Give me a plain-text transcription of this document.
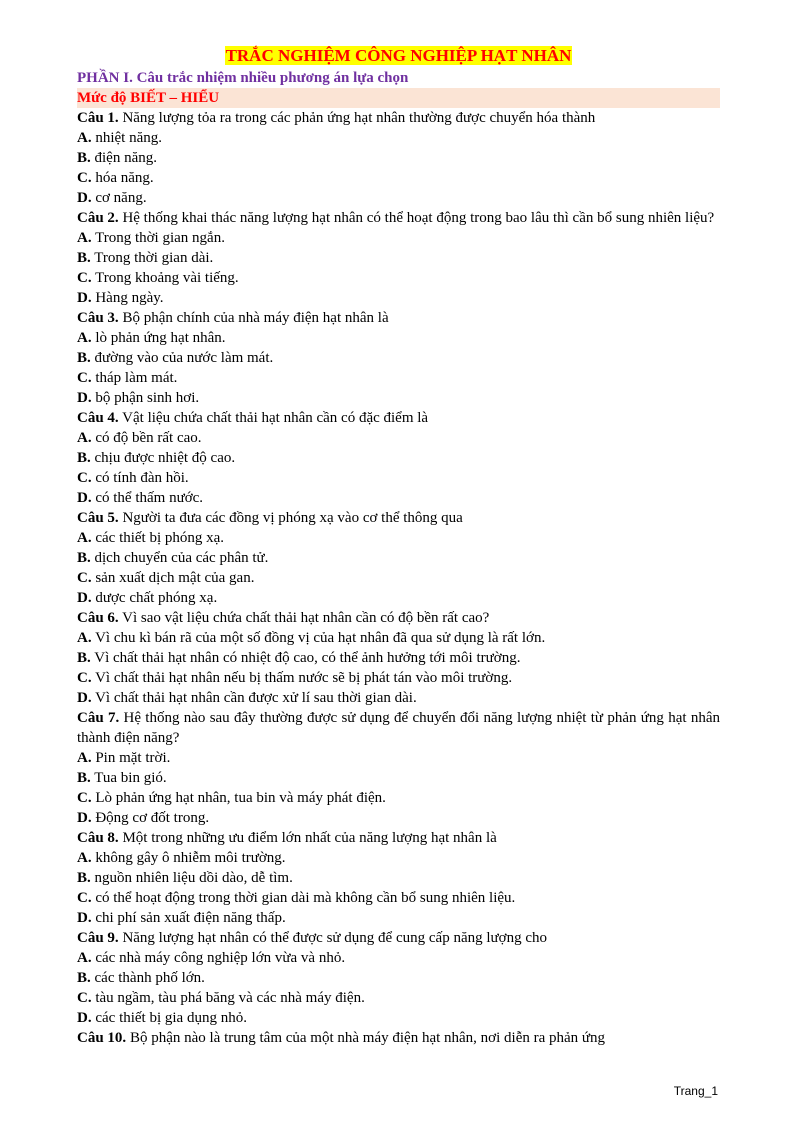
TRẮC NGHIỆM CÔNG NGHIỆP HẠT NHÂN
PHẦN I. Câu trắc nhiệm nhiều phương án lựa chọn
Mức độ BIẾT – HIỂU
Câu 1. Năng lượng tỏa ra trong các phản ứng hạt nhân thường được chuyển hóa thành
A. nhiệt năng.
B. điện năng.
C. hóa năng.
D. cơ năng.
Câu 2. Hệ thống khai thác năng lượng hạt nhân có thể hoạt động trong bao lâu thì cần bổ sung nhiên liệu?
A. Trong thời gian ngắn.
B. Trong thời gian dài.
C. Trong khoảng vài tiếng.
D. Hàng ngày.
Câu 3. Bộ phận chính của nhà máy điện hạt nhân là
A. lò phản ứng hạt nhân.
B. đường vào của nước làm mát.
C. tháp làm mát.
D. bộ phận sinh hơi.
Câu 4. Vật liệu chứa chất thải hạt nhân cần có đặc điểm là
A. có độ bền rất cao.
B. chịu được nhiệt độ cao.
C. có tính đàn hồi.
D. có thể thấm nước.
Câu 5. Người ta đưa các đồng vị phóng xạ vào cơ thể thông qua
A. các thiết bị phóng xạ.
B. dịch chuyển của các phân tử.
C. sản xuất dịch mật của gan.
D. dược chất phóng xạ.
Câu 6. Vì sao vật liệu chứa chất thải hạt nhân cần có độ bền rất cao?
A. Vì chu kì bán rã của một số đồng vị của hạt nhân đã qua sử dụng là rất lớn.
B. Vì chất thải hạt nhân có nhiệt độ cao, có thể ảnh hưởng tới môi trường.
C. Vì chất thải hạt nhân nếu bị thấm nước sẽ bị phát tán vào môi trường.
D. Vì chất thải hạt nhân cần được xử lí sau thời gian dài.
Câu 7. Hệ thống nào sau đây thường được sử dụng để chuyển đổi năng lượng nhiệt từ phản ứng hạt nhân thành điện năng?
A. Pin mặt trời.
B. Tua bin gió.
C. Lò phản ứng hạt nhân, tua bin và máy phát điện.
D. Động cơ đốt trong.
Câu 8. Một trong những ưu điểm lớn nhất của năng lượng hạt nhân là
A. không gây ô nhiễm môi trường.
B. nguồn nhiên liệu dồi dào, dễ tìm.
C. có thể hoạt động trong thời gian dài mà không cần bổ sung nhiên liệu.
D. chi phí sản xuất điện năng thấp.
Câu 9. Năng lượng hạt nhân có thể được sử dụng để cung cấp năng lượng cho
A. các nhà máy công nghiệp lớn vừa và nhỏ.
B. các thành phố lớn.
C. tàu ngầm, tàu phá băng và các nhà máy điện.
D. các thiết bị gia dụng nhỏ.
Câu 10. Bộ phận nào là trung tâm của một nhà máy điện hạt nhân, nơi diễn ra phản ứng
Trang_1
